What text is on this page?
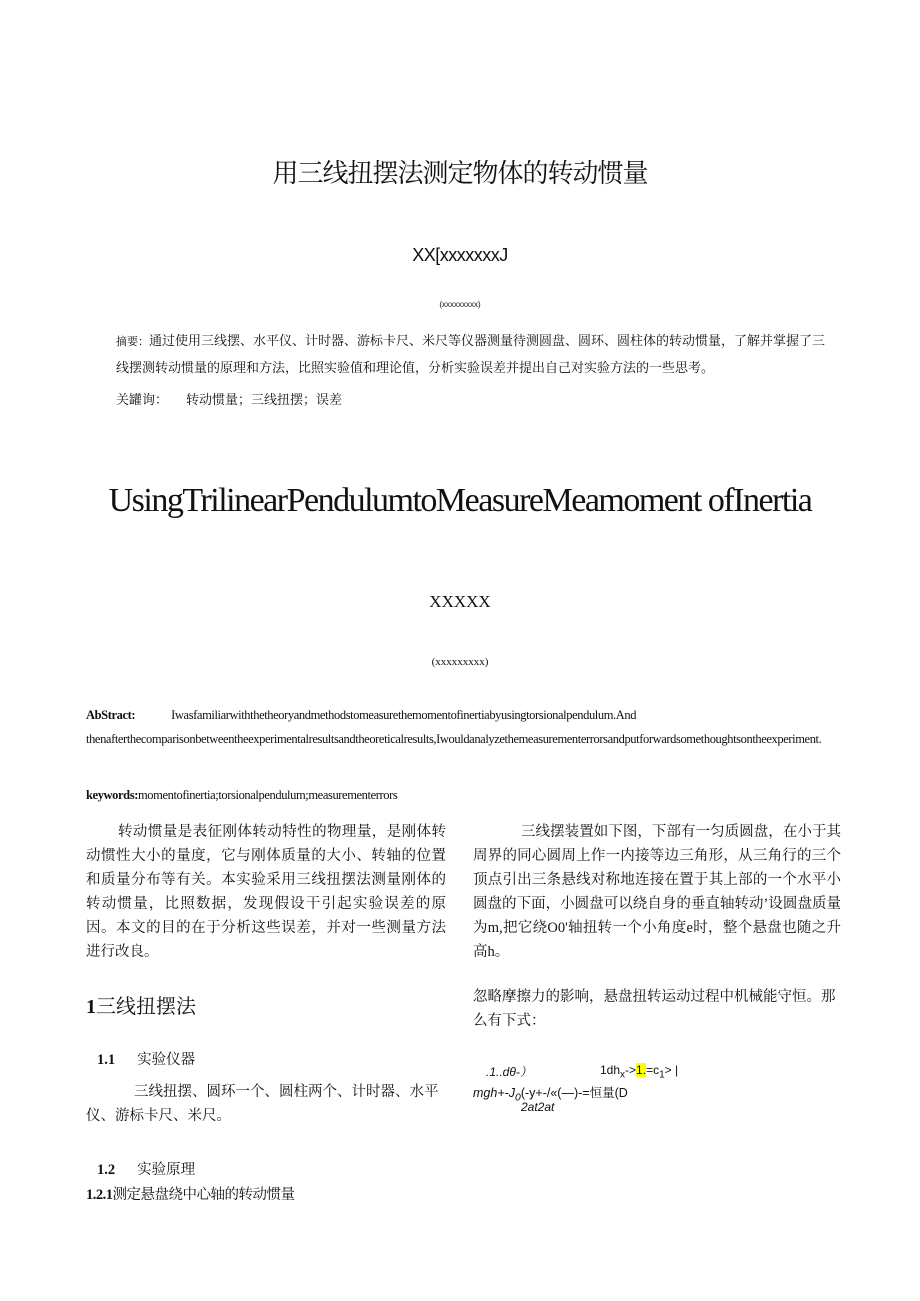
用三线扭摆法测定物体的转动惯量
XX[xxxxxxxJ
(xxxxxxxxx)
摘要：通过使用三线摆、水平仪、计时器、游标卡尺、米尺等仪器测量待测圆盘、圆环、圆柱体的转动惯量，了解并掌握了三线摆测转动惯量的原理和方法，比照实验值和理论值，分析实验误差并提出自己对实验方法的一些思考。
关罐询： 转动惯量；三线扭摆；误差
UsingTrilinearPendulumtoMeasureMeamoment ofInertia
XXXXX
(xxxxxxxxx)
AbStract:	Iwasfamiliarwiththetheoryandmethodstomeasurethemomentofinertiabyusingtorsionalpendulum.And thenafterthecomparisonbetweentheexperimentalresultsandtheoreticalresults,Iwouldanalyzethemeasurementerrorsandputforwardsomethoughtsontheexperiment.
keywords:momentofinertia;torsionalpendulum;measurementerrors
转动惯量是表征刚体转动特性的物理量，是刚体转动惯性大小的量度，它与刚体质量的大小、转轴的位置和质量分布等有关。本实验采用三线扭摆法测量刚体的转动惯量，比照数据，发现假设干引起实验误差的原因。本文的目的在于分析这些误差，并对一些测量方法进行改良。
1三线扭摆法
1.1 实验仪器
三线扭摆、圆环一个、圆柱两个、计时器、水平仪、游标卡尺、米尺。
1.2 实验原理
1.2.1测定悬盘绕中心轴的转动惯量
三线摆装置如下图，下部有一匀质圆盘，在小于其周界的同心圆周上作一内接等边三角形，从三角行的三个顶点引出三条悬线对称地连接在置于其上部的一个水平小圆盘的下面，小圆盘可以绕自身的垂直轴转动’设圆盘质量为m,把它绕O0'轴扭转一个小角度e时，整个悬盘也随之升高h。
忽略摩擦力的影响，悬盘扭转运动过程中机械能守恒。那么有下式：
.1..dθ-）	$1dh_x->1.=c_1>$ |
$mgh+-J_0(-y+-/«(—)-=$恒量(D
2at2at
